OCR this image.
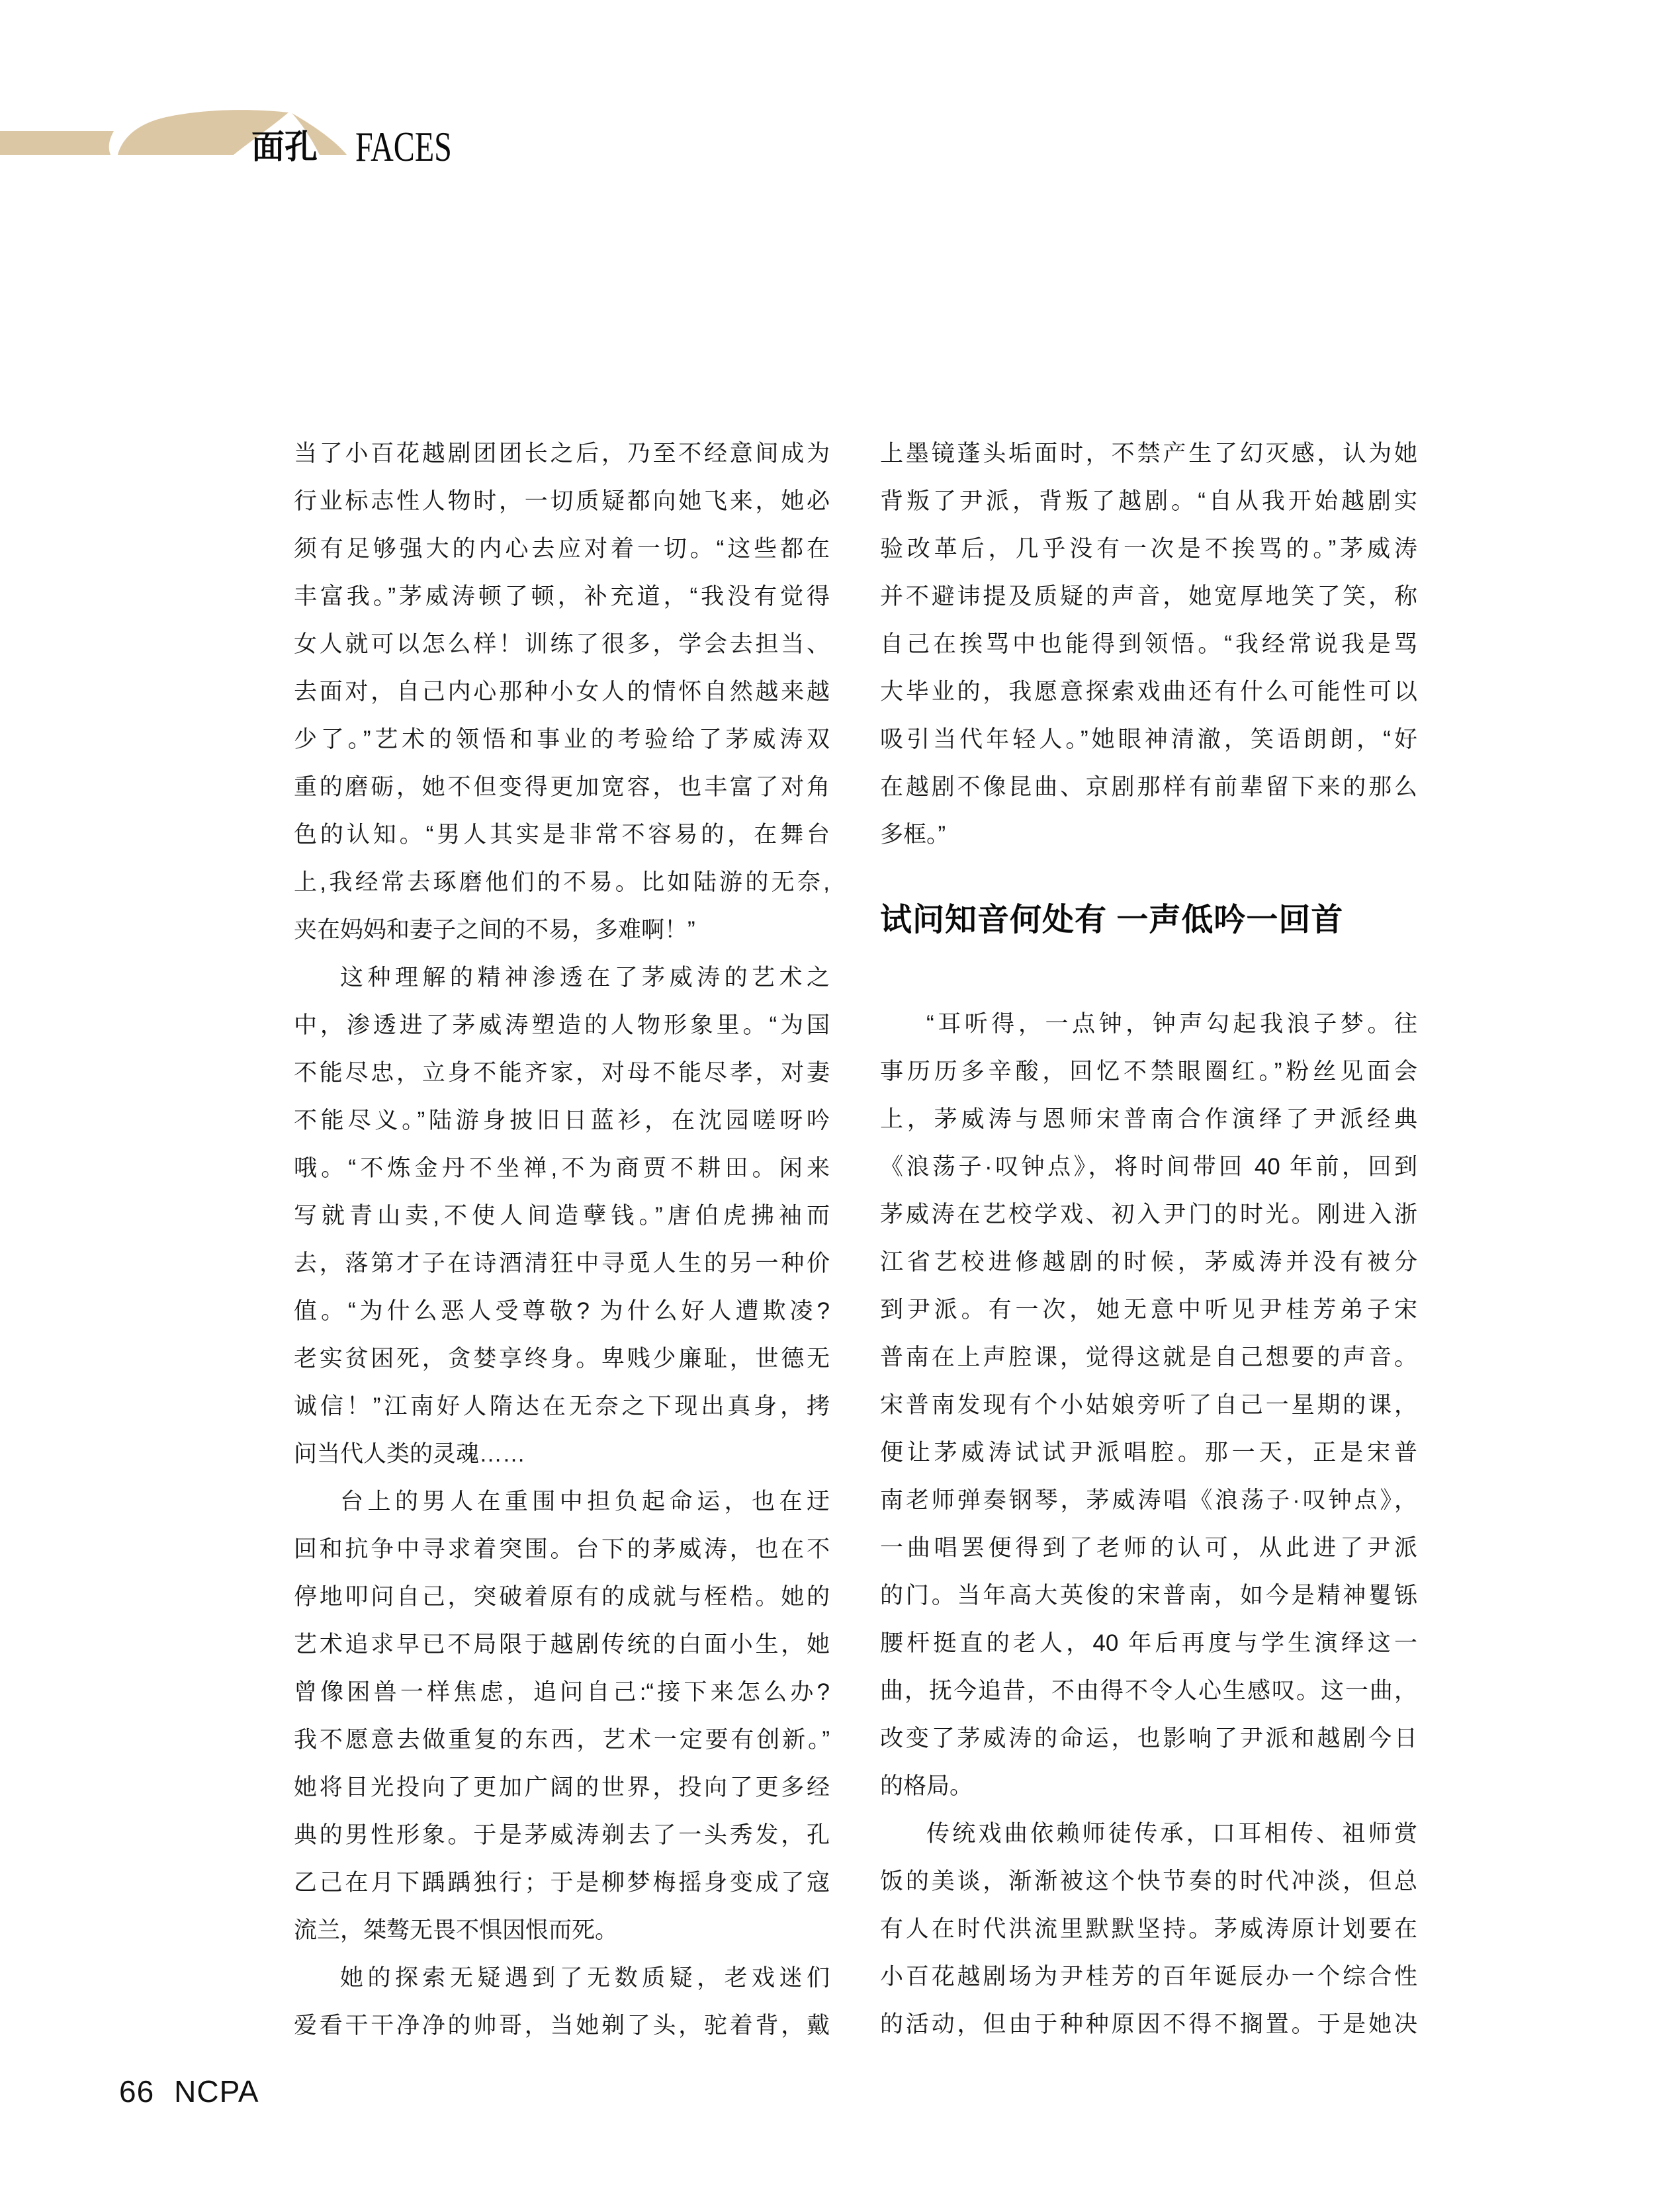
面孔 FACES
当了小百花越剧团团长之后，乃至不经意间成为
行业标志性人物时，一切质疑都向她飞来，她必
须有足够强大的内心去应对着一切。“这些都在
丰富我。”茅威涛顿了顿，补充道，“我没有觉得
女人就可以怎么样！训练了很多，学会去担当、
去面对，自己内心那种小女人的情怀自然越来越
少了。”艺术的领悟和事业的考验给了茅威涛双
重的磨砺，她不但变得更加宽容，也丰富了对角
色的认知。“男人其实是非常不容易的，在舞台
上,我经常去琢磨他们的不易。比如陆游的无奈,
夹在妈妈和妻子之间的不易，多难啊！”
这种理解的精神渗透在了茅威涛的艺术之
中，渗透进了茅威涛塑造的人物形象里。“为国
不能尽忠，立身不能齐家，对母不能尽孝，对妻
不能尽义。”陆游身披旧日蓝衫，在沈园嗟呀吟
哦。“不炼金丹不坐禅,不为商贾不耕田。闲来
写就青山卖,不使人间造孽钱。”唐伯虎拂袖而
去，落第才子在诗酒清狂中寻觅人生的另一种价
值。“为什么恶人受尊敬? 为什么好人遭欺凌?
老实贫困死，贪婪享终身。卑贱少廉耻，世德无
诚信！”江南好人隋达在无奈之下现出真身，拷
问当代人类的灵魂……
台上的男人在重围中担负起命运，也在迂
回和抗争中寻求着突围。台下的茅威涛，也在不
停地叩问自己，突破着原有的成就与桎梏。她的
艺术追求早已不局限于越剧传统的白面小生，她
曾像困兽一样焦虑，追问自己:“接下来怎么办?
我不愿意去做重复的东西，艺术一定要有创新。”
她将目光投向了更加广阔的世界，投向了更多经
典的男性形象。于是茅威涛剃去了一头秀发，孔
乙己在月下踽踽独行；于是柳梦梅摇身变成了寇
流兰，桀骜无畏不惧因恨而死。
她的探索无疑遇到了无数质疑，老戏迷们
爱看干干净净的帅哥，当她剃了头，驼着背，戴
上墨镜蓬头垢面时，不禁产生了幻灭感，认为她
背叛了尹派，背叛了越剧。“自从我开始越剧实
验改革后，几乎没有一次是不挨骂的。”茅威涛
并不避讳提及质疑的声音，她宽厚地笑了笑，称
自己在挨骂中也能得到领悟。“我经常说我是骂
大毕业的，我愿意探索戏曲还有什么可能性可以
吸引当代年轻人。”她眼神清澈，笑语朗朗，“好
在越剧不像昆曲、京剧那样有前辈留下来的那么
多框。”
试问知音何处有 一声低吟一回首
“耳听得，一点钟，钟声勾起我浪子梦。往
事历历多辛酸，回忆不禁眼圈红。”粉丝见面会
上，茅威涛与恩师宋普南合作演绎了尹派经典
《浪荡子·叹钟点》，将时间带回 40 年前，回到
茅威涛在艺校学戏、初入尹门的时光。刚进入浙
江省艺校进修越剧的时候，茅威涛并没有被分
到尹派。有一次，她无意中听见尹桂芳弟子宋
普南在上声腔课，觉得这就是自己想要的声音。
宋普南发现有个小姑娘旁听了自己一星期的课，
便让茅威涛试试尹派唱腔。那一天，正是宋普
南老师弹奏钢琴，茅威涛唱《浪荡子·叹钟点》，
一曲唱罢便得到了老师的认可，从此进了尹派
的门。当年高大英俊的宋普南，如今是精神矍铄
腰杆挺直的老人，40 年后再度与学生演绎这一
曲，抚今追昔，不由得不令人心生感叹。这一曲，
改变了茅威涛的命运，也影响了尹派和越剧今日
的格局。
传统戏曲依赖师徒传承，口耳相传、祖师赏
饭的美谈，渐渐被这个快节奏的时代冲淡，但总
有人在时代洪流里默默坚持。茅威涛原计划要在
小百花越剧场为尹桂芳的百年诞辰办一个综合性
的活动，但由于种种原因不得不搁置。于是她决
66 NCPA
